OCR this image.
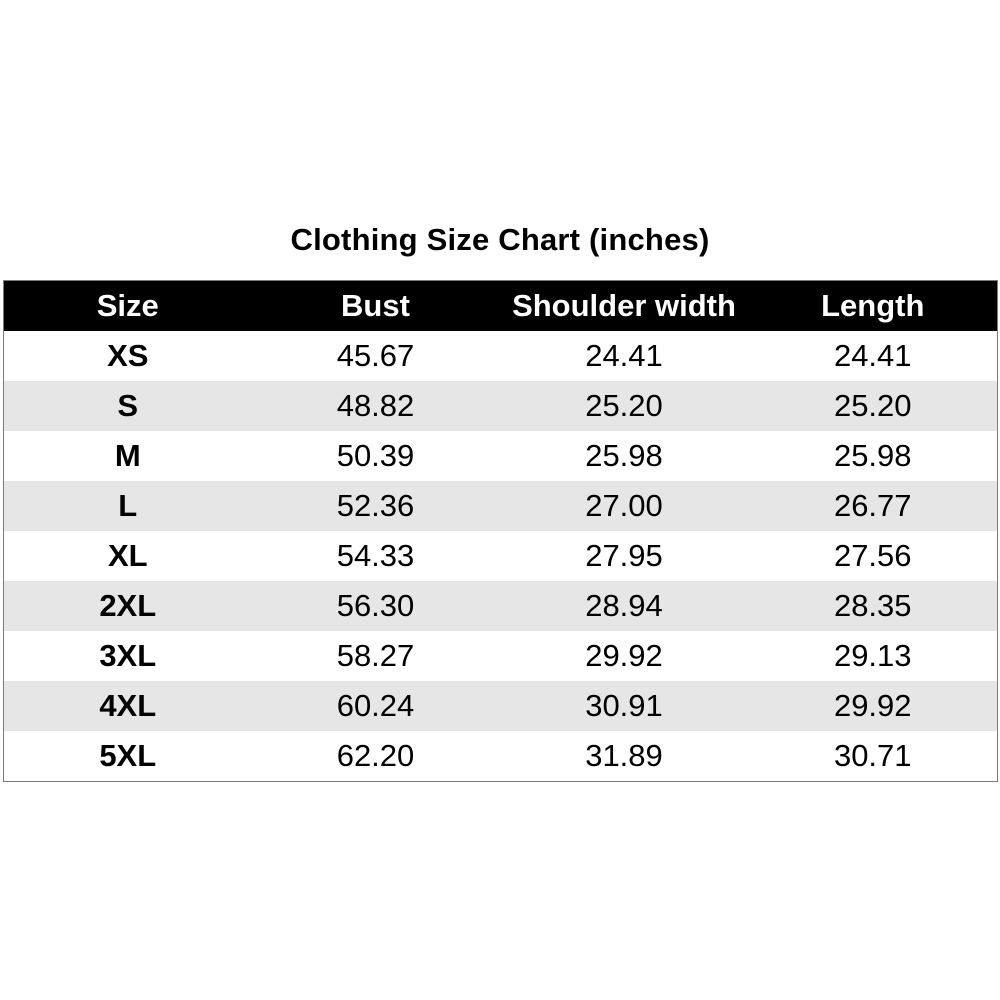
Clothing Size Chart (inches)
Size	Bust	Shoulder width	Length
XS	45.67	24.41	24.41
S	48.82	25.20	25.20
M	50.39	25.98	25.98
L	52.36	27.00	26.77
XL	54.33	27.95	27.56
2XL	56.30	28.94	28.35
3XL	58.27	29.92	29.13
4XL	60.24	30.91	29.92
5XL	62.20	31.89	30.71
